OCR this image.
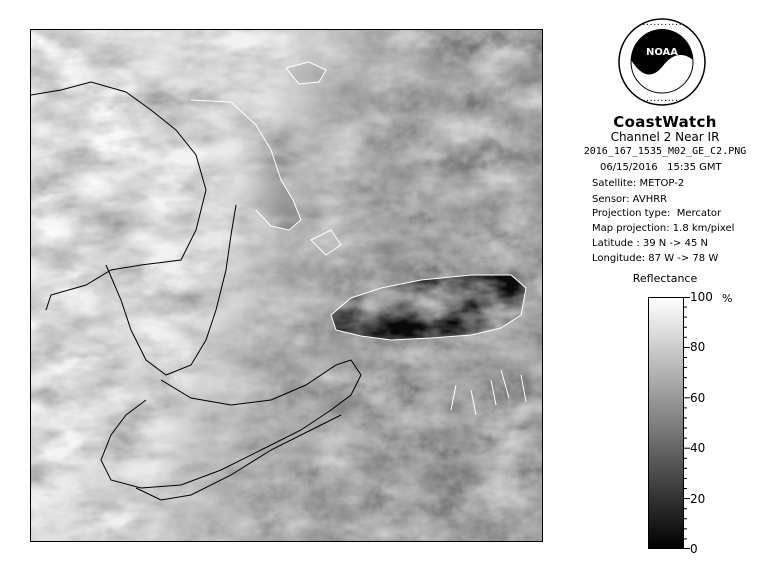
NOAA
• • • • • • • • • • •
• • • • • • • • • • •
CoastWatch
Channel 2 Near IR
2016_167_1535_M02_GE_C2.PNG
06/15/2016   15:35 GMT
Satellite: METOP-2
Sensor: AVHRR
Projection type:  Mercator
Map projection: 1.8 km/pixel
Latitude : 39 N -> 45 N
Longitude: 87 W -> 78 W
Reflectance
100
80
60
40
20
0
%
